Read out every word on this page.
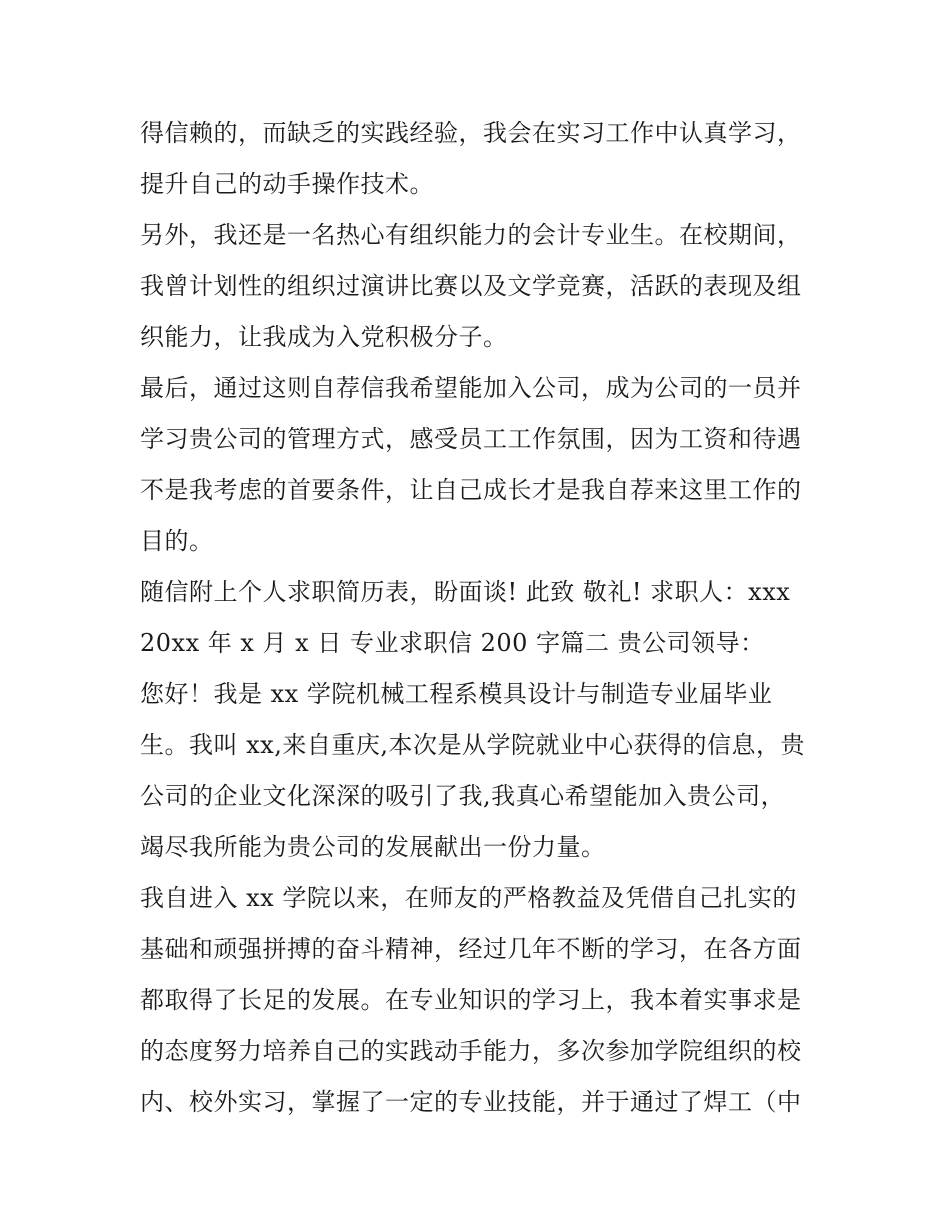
得信赖的，而缺乏的实践经验，我会在实习工作中认真学习，
提升自己的动手操作技术。
另外，我还是一名热心有组织能力的会计专业生。在校期间，
我曾计划性的组织过演讲比赛以及文学竞赛，活跃的表现及组
织能力，让我成为入党积极分子。
最后，通过这则自荐信我希望能加入公司，成为公司的一员并
学习贵公司的管理方式，感受员工工作氛围，因为工资和待遇
不是我考虑的首要条件，让自己成长才是我自荐来这里工作的
目的。
随信附上个人求职简历表，盼面谈! 此致 敬礼! 求职人：xxx
20xx 年 x 月 x 日 专业求职信 200 字篇二 贵公司领导：
您好！我是 xx 学院机械工程系模具设计与制造专业届毕业
生。我叫 xx,来自重庆,本次是从学院就业中心获得的信息，贵
公司的企业文化深深的吸引了我,我真心希望能加入贵公司，
竭尽我所能为贵公司的发展献出一份力量。
我自进入 xx 学院以来，在师友的严格教益及凭借自己扎实的
基础和顽强拼搏的奋斗精神，经过几年不断的学习，在各方面
都取得了长足的发展。在专业知识的学习上，我本着实事求是
的态度努力培养自己的实践动手能力，多次参加学院组织的校
内、校外实习，掌握了一定的专业技能，并于通过了焊工（中
